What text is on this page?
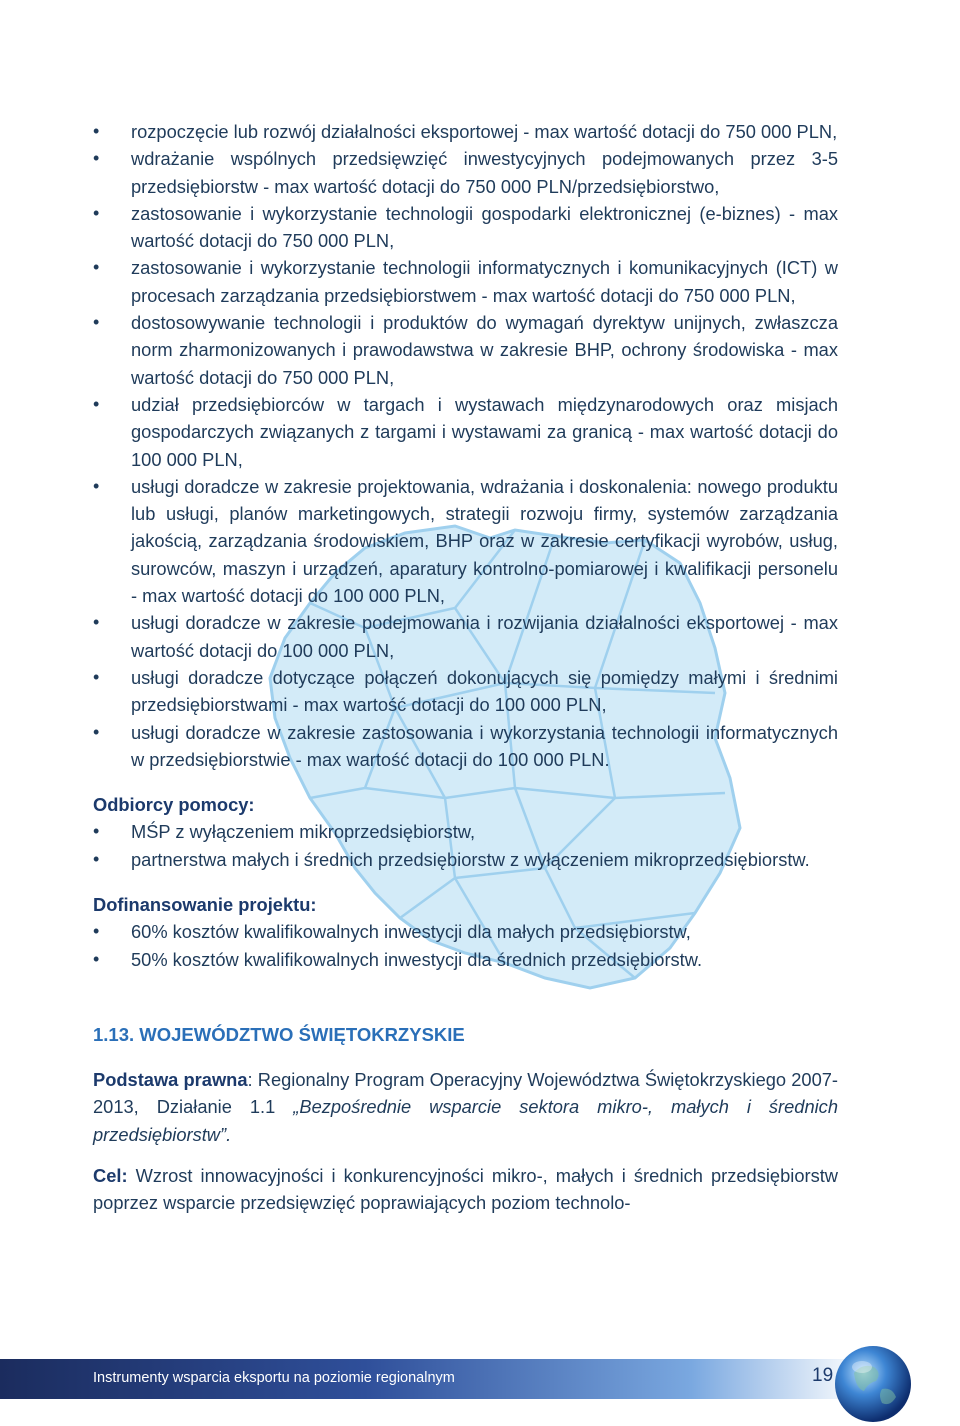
• rozpoczęcie lub rozwój działalności eksportowej - max wartość dotacji do 750 000 PLN,
• wdrażanie wspólnych przedsięwzięć inwestycyjnych podejmowanych przez 3-5 przedsiębiorstw - max wartość dotacji do 750 000 PLN/przedsiębiorstwo,
• zastosowanie i wykorzystanie technologii gospodarki elektronicznej (e-biznes) - max wartość dotacji do 750 000 PLN,
• zastosowanie i wykorzystanie technologii informatycznych i komunikacyjnych (ICT) w procesach zarządzania przedsiębiorstwem - max wartość dotacji do 750 000 PLN,
• dostosowywanie technologii i produktów do wymagań dyrektyw unijnych, zwłaszcza norm zharmonizowanych i prawodawstwa w zakresie BHP, ochrony środowiska - max wartość dotacji do 750 000 PLN,
• udział przedsiębiorców w targach i wystawach międzynarodowych oraz misjach gospodarczych związanych z targami i wystawami za granicą - max wartość dotacji do 100 000 PLN,
• usługi doradcze w zakresie projektowania, wdrażania i doskonalenia: nowego produktu lub usługi, planów marketingowych, strategii rozwoju firmy, systemów zarządzania jakością, zarządzania środowiskiem, BHP oraz w zakresie certyfikacji wyrobów, usług, surowców, maszyn i urządzeń, aparatury kontrolno-pomiarowej i kwalifikacji personelu - max wartość dotacji do 100 000 PLN,
• usługi doradcze w zakresie podejmowania i rozwijania działalności eksportowej - max wartość dotacji do 100 000 PLN,
• usługi doradcze dotyczące połączeń dokonujących się pomiędzy małymi i średnimi przedsiębiorstwami - max wartość dotacji do 100 000 PLN,
• usługi doradcze w zakresie zastosowania i wykorzystania technologii informatycznych w przedsiębiorstwie - max wartość dotacji do 100 000 PLN.

Odbiorcy pomocy:

• MŚP z wyłączeniem mikroprzedsiębiorstw,
• partnerstwa małych i średnich przedsiębiorstw z wyłączeniem mikroprzedsiębiorstw.

Dofinansowanie projektu:

• 60% kosztów kwalifikowalnych inwestycji dla małych przedsiębiorstw,
• 50% kosztów kwalifikowalnych inwestycji dla średnich przedsiębiorstw.

1.13. WOJEWÓDZTWO ŚWIĘTOKRZYSKIE

Podstawa prawna: Regionalny Program Operacyjny Województwa Świętokrzyskiego 2007-2013, Działanie 1.1 „Bezpośrednie wsparcie sektora mikro-, małych i średnich przedsiębiorstw”.

Cel: Wzrost innowacyjności i konkurencyjności mikro-, małych i średnich przedsiębiorstw poprzez wsparcie przedsięwzięć poprawiających poziom technolo-

Instrumenty wsparcia eksportu na poziomie regionalnym	19
